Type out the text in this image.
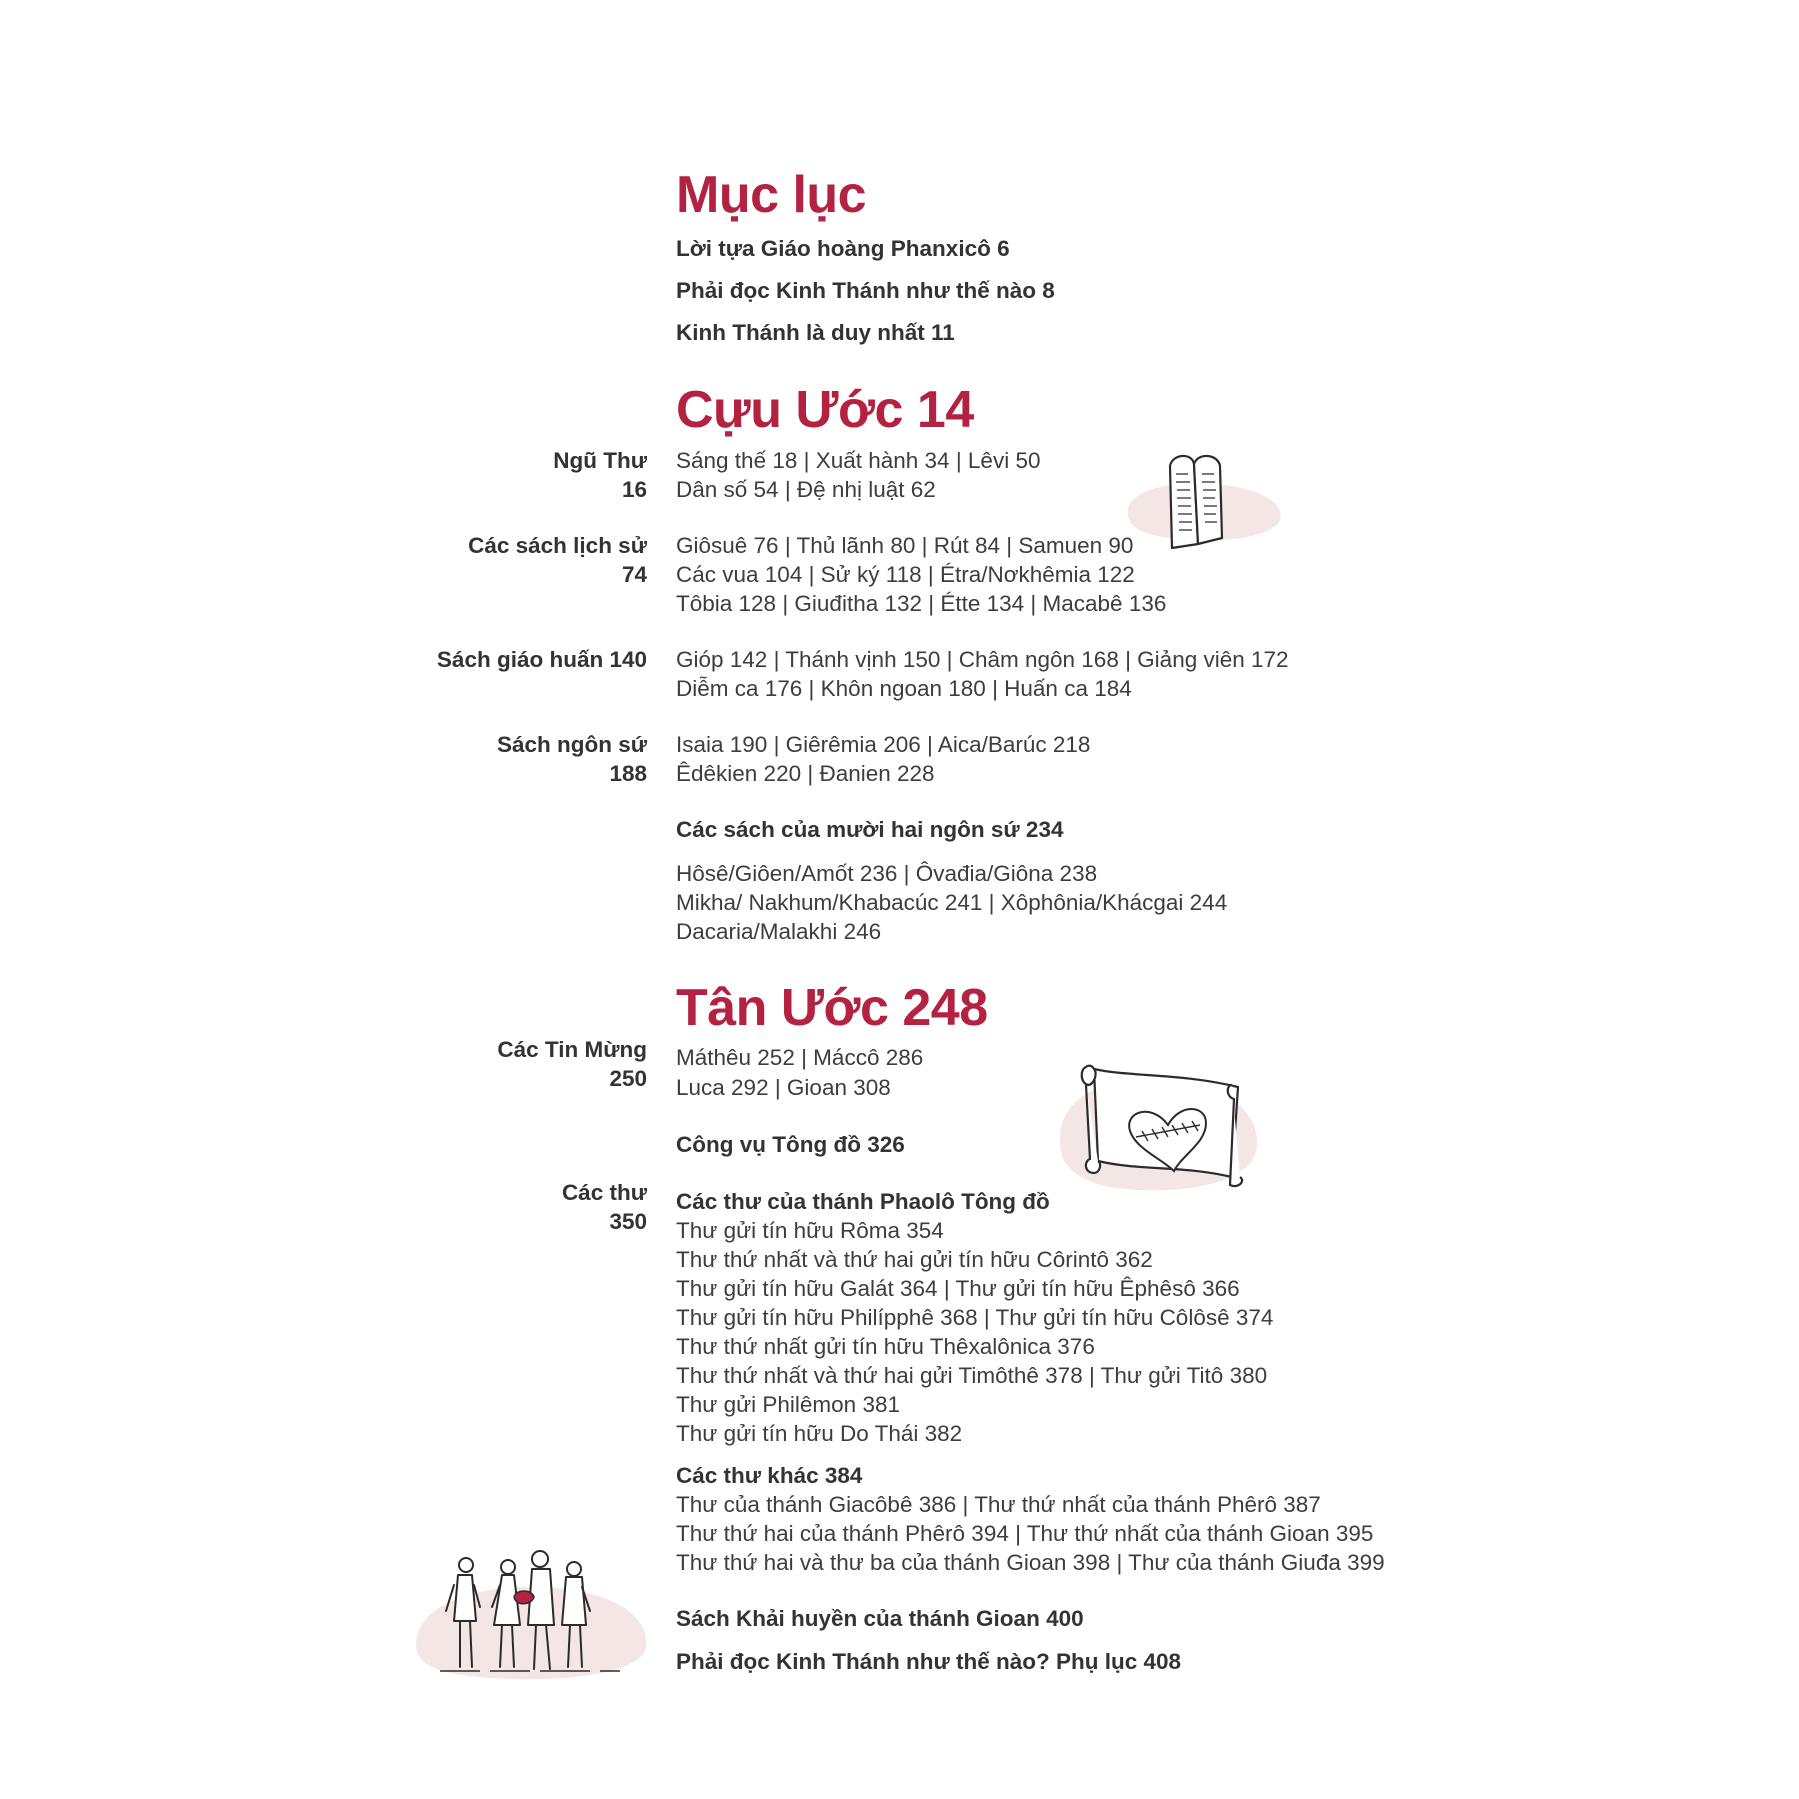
Mục lục

Lời tựa Giáo hoàng Phanxicô 6

Phải đọc Kinh Thánh như thế nào 8

Kinh Thánh là duy nhất 11

Cựu Ước 14
Ngũ Thư
16

Sáng thế 18 | Xuất hành 34 | Lêvi 50

Dân số 54 | Đệ nhị luật 62

Các sách lịch sử
74

Giôsuê 76 | Thủ lãnh 80 | Rút 84 | Samuen 90

Các vua 104 | Sử ký 118 | Étra/Nơkhêmia 122

Tôbia 128 | Giuđitha 132 | Étte 134 | Macabê 136

Sách giáo huấn 140 Gióp 142 | Thánh vịnh 150 | Châm ngôn 168 | Giảng viên 172

Diễm ca 176 | Khôn ngoan 180 | Huấn ca 184

Sách ngôn sứ
188

Isaia 190 | Giêrêmia 206 | Aica/Barúc 218

Êdêkien 220 | Đanien 228

Các sách của mười hai ngôn sứ 234

Hôsê/Giôen/Amốt 236 | Ôvađia/Giôna 238

Mikha/ Nakhum/Khabacúc 241 | Xôphônia/Khácgai 244

Dacaria/Malakhi 246

Tân Ước 248
Các Tin Mừng
250

Máthêu 252 | Máccô 286

Luca 292 | Gioan 308

Công vụ Tông đồ 326

Các thư
350

Các thư của thánh Phaolô Tông đồ

Thư gửi tín hữu Rôma 354

Thư thứ nhất và thứ hai gửi tín hữu Côrintô 362

Thư gửi tín hữu Galát 364 | Thư gửi tín hữu Êphêsô 366

Thư gửi tín hữu Philípphê 368 | Thư gửi tín hữu Côlôsê 374

Thư thứ nhất gửi tín hữu Thêxalônica 376

Thư thứ nhất và thứ hai gửi Timôthê 378 | Thư gửi Titô 380

Thư gửi Philêmon 381

Thư gửi tín hữu Do Thái 382

Các thư khác 384

Thư của thánh Giacôbê 386 | Thư thứ nhất của thánh Phêrô 387

Thư thứ hai của thánh Phêrô 394 | Thư thứ nhất của thánh Gioan 395

Thư thứ hai và thư ba của thánh Gioan 398 | Thư của thánh Giuđa 399

Sách Khải huyền của thánh Gioan 400

Phải đọc Kinh Thánh như thế nào? Phụ lục 408
